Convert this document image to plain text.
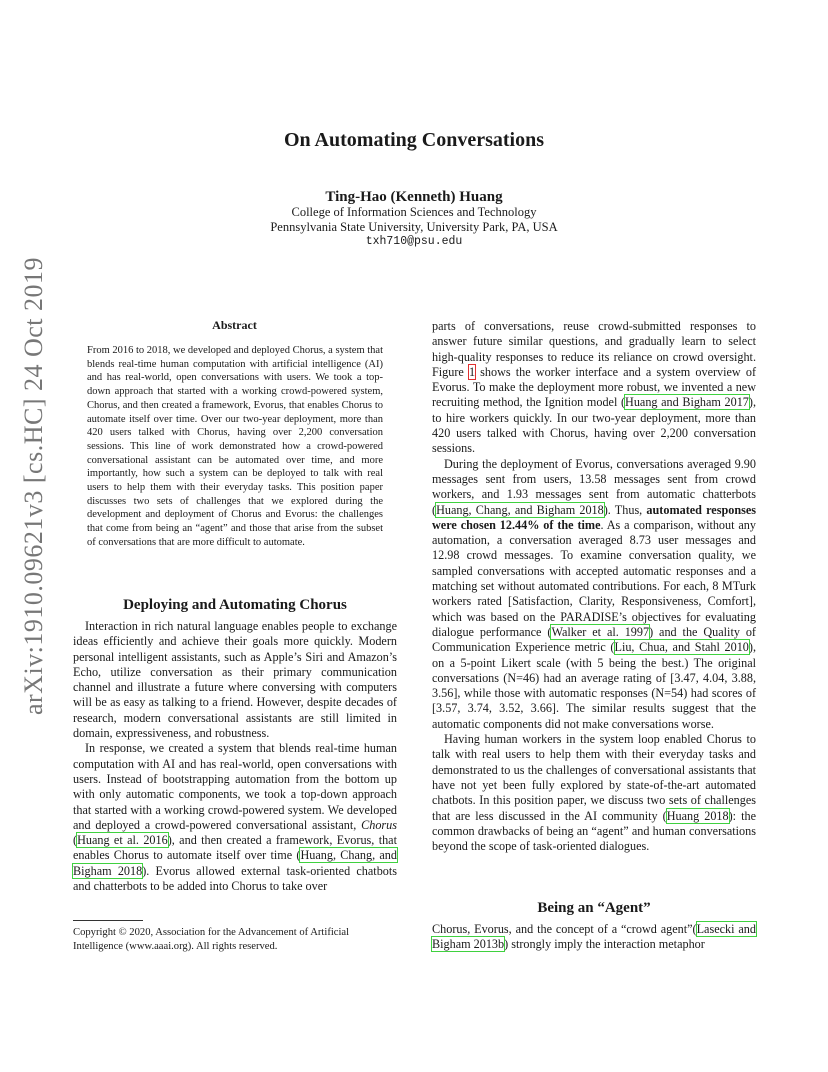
arXiv:1910.09621v3 [cs.HC] 24 Oct 2019
On Automating Conversations
Ting-Hao (Kenneth) Huang
College of Information Sciences and Technology
Pennsylvania State University, University Park, PA, USA
txh710@psu.edu
Abstract
From 2016 to 2018, we developed and deployed Chorus, a system that blends real-time human computation with artificial intelligence (AI) and has real-world, open conversations with users. We took a top-down approach that started with a working crowd-powered system, Chorus, and then created a framework, Evorus, that enables Chorus to automate itself over time. Over our two-year deployment, more than 420 users talked with Chorus, having over 2,200 conversation sessions. This line of work demonstrated how a crowd-powered conversational assistant can be automated over time, and more importantly, how such a system can be deployed to talk with real users to help them with their everyday tasks. This position paper discusses two sets of challenges that we explored during the development and deployment of Chorus and Evorus: the challenges that come from being an “agent” and those that arise from the subset of conversations that are more difficult to automate.
Deploying and Automating Chorus

Interaction in rich natural language enables people to exchange ideas efficiently and achieve their goals more quickly. Modern personal intelligent assistants, such as Apple’s Siri and Amazon’s Echo, utilize conversation as their primary communication channel and illustrate a future where conversing with computers will be as easy as talking to a friend. However, despite decades of research, modern conversational assistants are still limited in domain, expressiveness, and robustness.

In response, we created a system that blends real-time human computation with AI and has real-world, open conversations with users. Instead of bootstrapping automation from the bottom up with only automatic components, we took a top-down approach that started with a working crowd-powered system. We developed and deployed a crowd-powered conversational assistant, Chorus (Huang et al. 2016), and then created a framework, Evorus, that enables Chorus to automate itself over time (Huang, Chang, and Bigham 2018). Evorus allowed external task-oriented chatbots and chatterbots to be added into Chorus to take over

parts of conversations, reuse crowd-submitted responses to answer future similar questions, and gradually learn to select high-quality responses to reduce its reliance on crowd oversight. Figure 1 shows the worker interface and a system overview of Evorus. To make the deployment more robust, we invented a new recruiting method, the Ignition model (Huang and Bigham 2017), to hire workers quickly. In our two-year deployment, more than 420 users talked with Chorus, having over 2,200 conversation sessions.

During the deployment of Evorus, conversations averaged 9.90 messages sent from users, 13.58 messages sent from crowd workers, and 1.93 messages sent from automatic chatterbots (Huang, Chang, and Bigham 2018). Thus, automated responses were chosen 12.44% of the time. As a comparison, without any automation, a conversation averaged 8.73 user messages and 12.98 crowd messages. To examine conversation quality, we sampled conversations with accepted automatic responses and a matching set without automated contributions. For each, 8 MTurk workers rated [Satisfaction, Clarity, Responsiveness, Comfort], which was based on the PARADISE’s objectives for evaluating dialogue performance (Walker et al. 1997) and the Quality of Communication Experience metric (Liu, Chua, and Stahl 2010), on a 5-point Likert scale (with 5 being the best.) The original conversations (N=46) had an average rating of [3.47, 4.04, 3.88, 3.56], while those with automatic responses (N=54) had scores of [3.57, 3.74, 3.52, 3.66]. The similar results suggest that the automatic components did not make conversations worse.

Having human workers in the system loop enabled Chorus to talk with real users to help them with their everyday tasks and demonstrated to us the challenges of conversational assistants that have not yet been fully explored by state-of-the-art automated chatbots. In this position paper, we discuss two sets of challenges that are less discussed in the AI community (Huang 2018): the common drawbacks of being an “agent” and human conversations beyond the scope of task-oriented dialogues.

Being an “Agent”

Chorus, Evorus, and the concept of a “crowd agent”(Lasecki and Bigham 2013b) strongly imply the interaction metaphor

Copyright © 2020, Association for the Advancement of Artificial Intelligence (www.aaai.org). All rights reserved.
